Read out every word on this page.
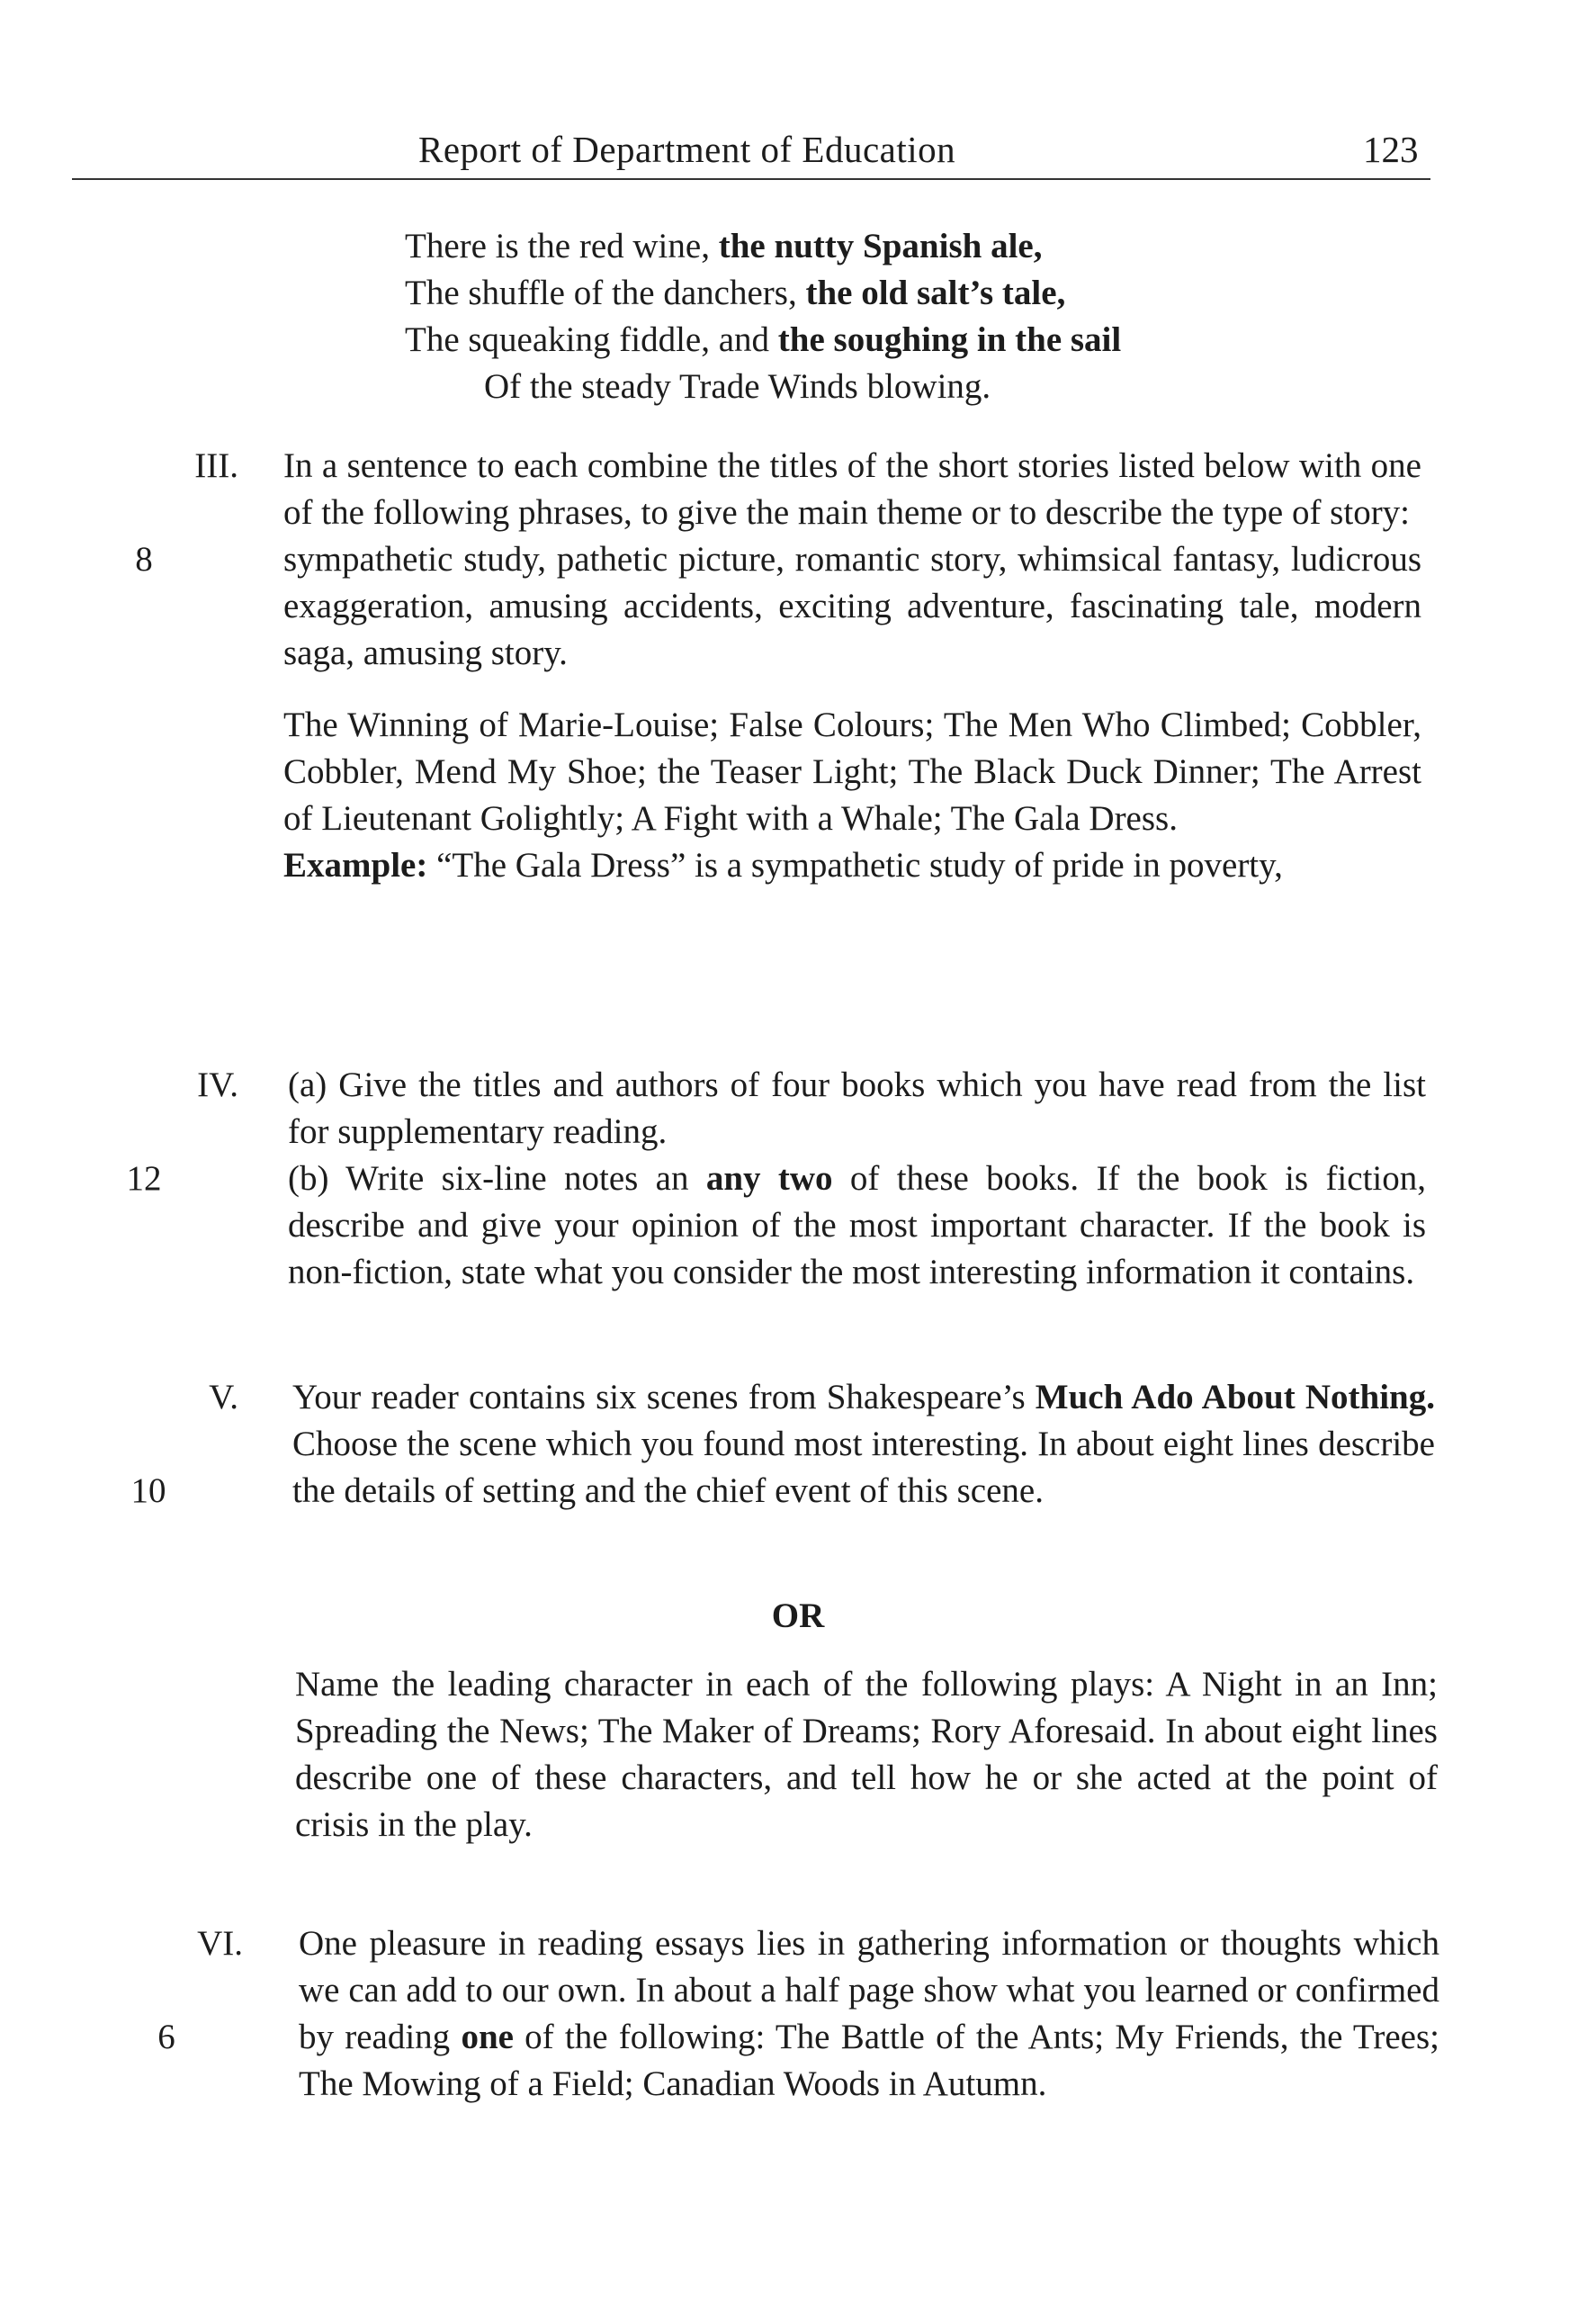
Report of Department of Education	123
There is the red wine, the nutty Spanish ale,
The shuffle of the danchers, the old salt’s tale,
The squeaking fiddle, and the soughing in the sail
Of the steady Trade Winds blowing.
III.
8

In a sentence to each combine the titles of the short stories listed below with one of the following phrases, to give the main theme or to describe the type of story:

sympathetic study, pathetic picture, romantic story, whimsical fantasy, ludicrous exaggeration, amusing accidents, exciting adventure, fascinating tale, modern saga, amusing story.

The Winning of Marie-Louise; False Colours; The Men Who Climbed; Cobbler, Cobbler, Mend My Shoe; the Teaser Light; The Black Duck Dinner; The Arrest of Lieutenant Golightly; A Fight with a Whale; The Gala Dress.

Example: “The Gala Dress” is a sympathetic study of pride in poverty,

IV.
12

(a) Give the titles and authors of four books which you have read from the list for supplementary reading.

(b) Write six-line notes an any two of these books. If the book is fiction, describe and give your opinion of the most important character. If the book is non-fiction, state what you consider the most interesting information it contains.

V.
10

Your reader contains six scenes from Shakespeare’s Much Ado About Nothing. Choose the scene which you found most interesting. In about eight lines describe the details of setting and the chief event of this scene.

OR

Name the leading character in each of the following plays: A Night in an Inn; Spreading the News; The Maker of Dreams; Rory Aforesaid. In about eight lines describe one of these characters, and tell how he or she acted at the point of crisis in the play.

VI.
6

One pleasure in reading essays lies in gathering information or thoughts which we can add to our own. In about a half page show what you learned or confirmed by reading one of the following: The Battle of the Ants; My Friends, the Trees; The Mowing of a Field; Canadian Woods in Autumn.
